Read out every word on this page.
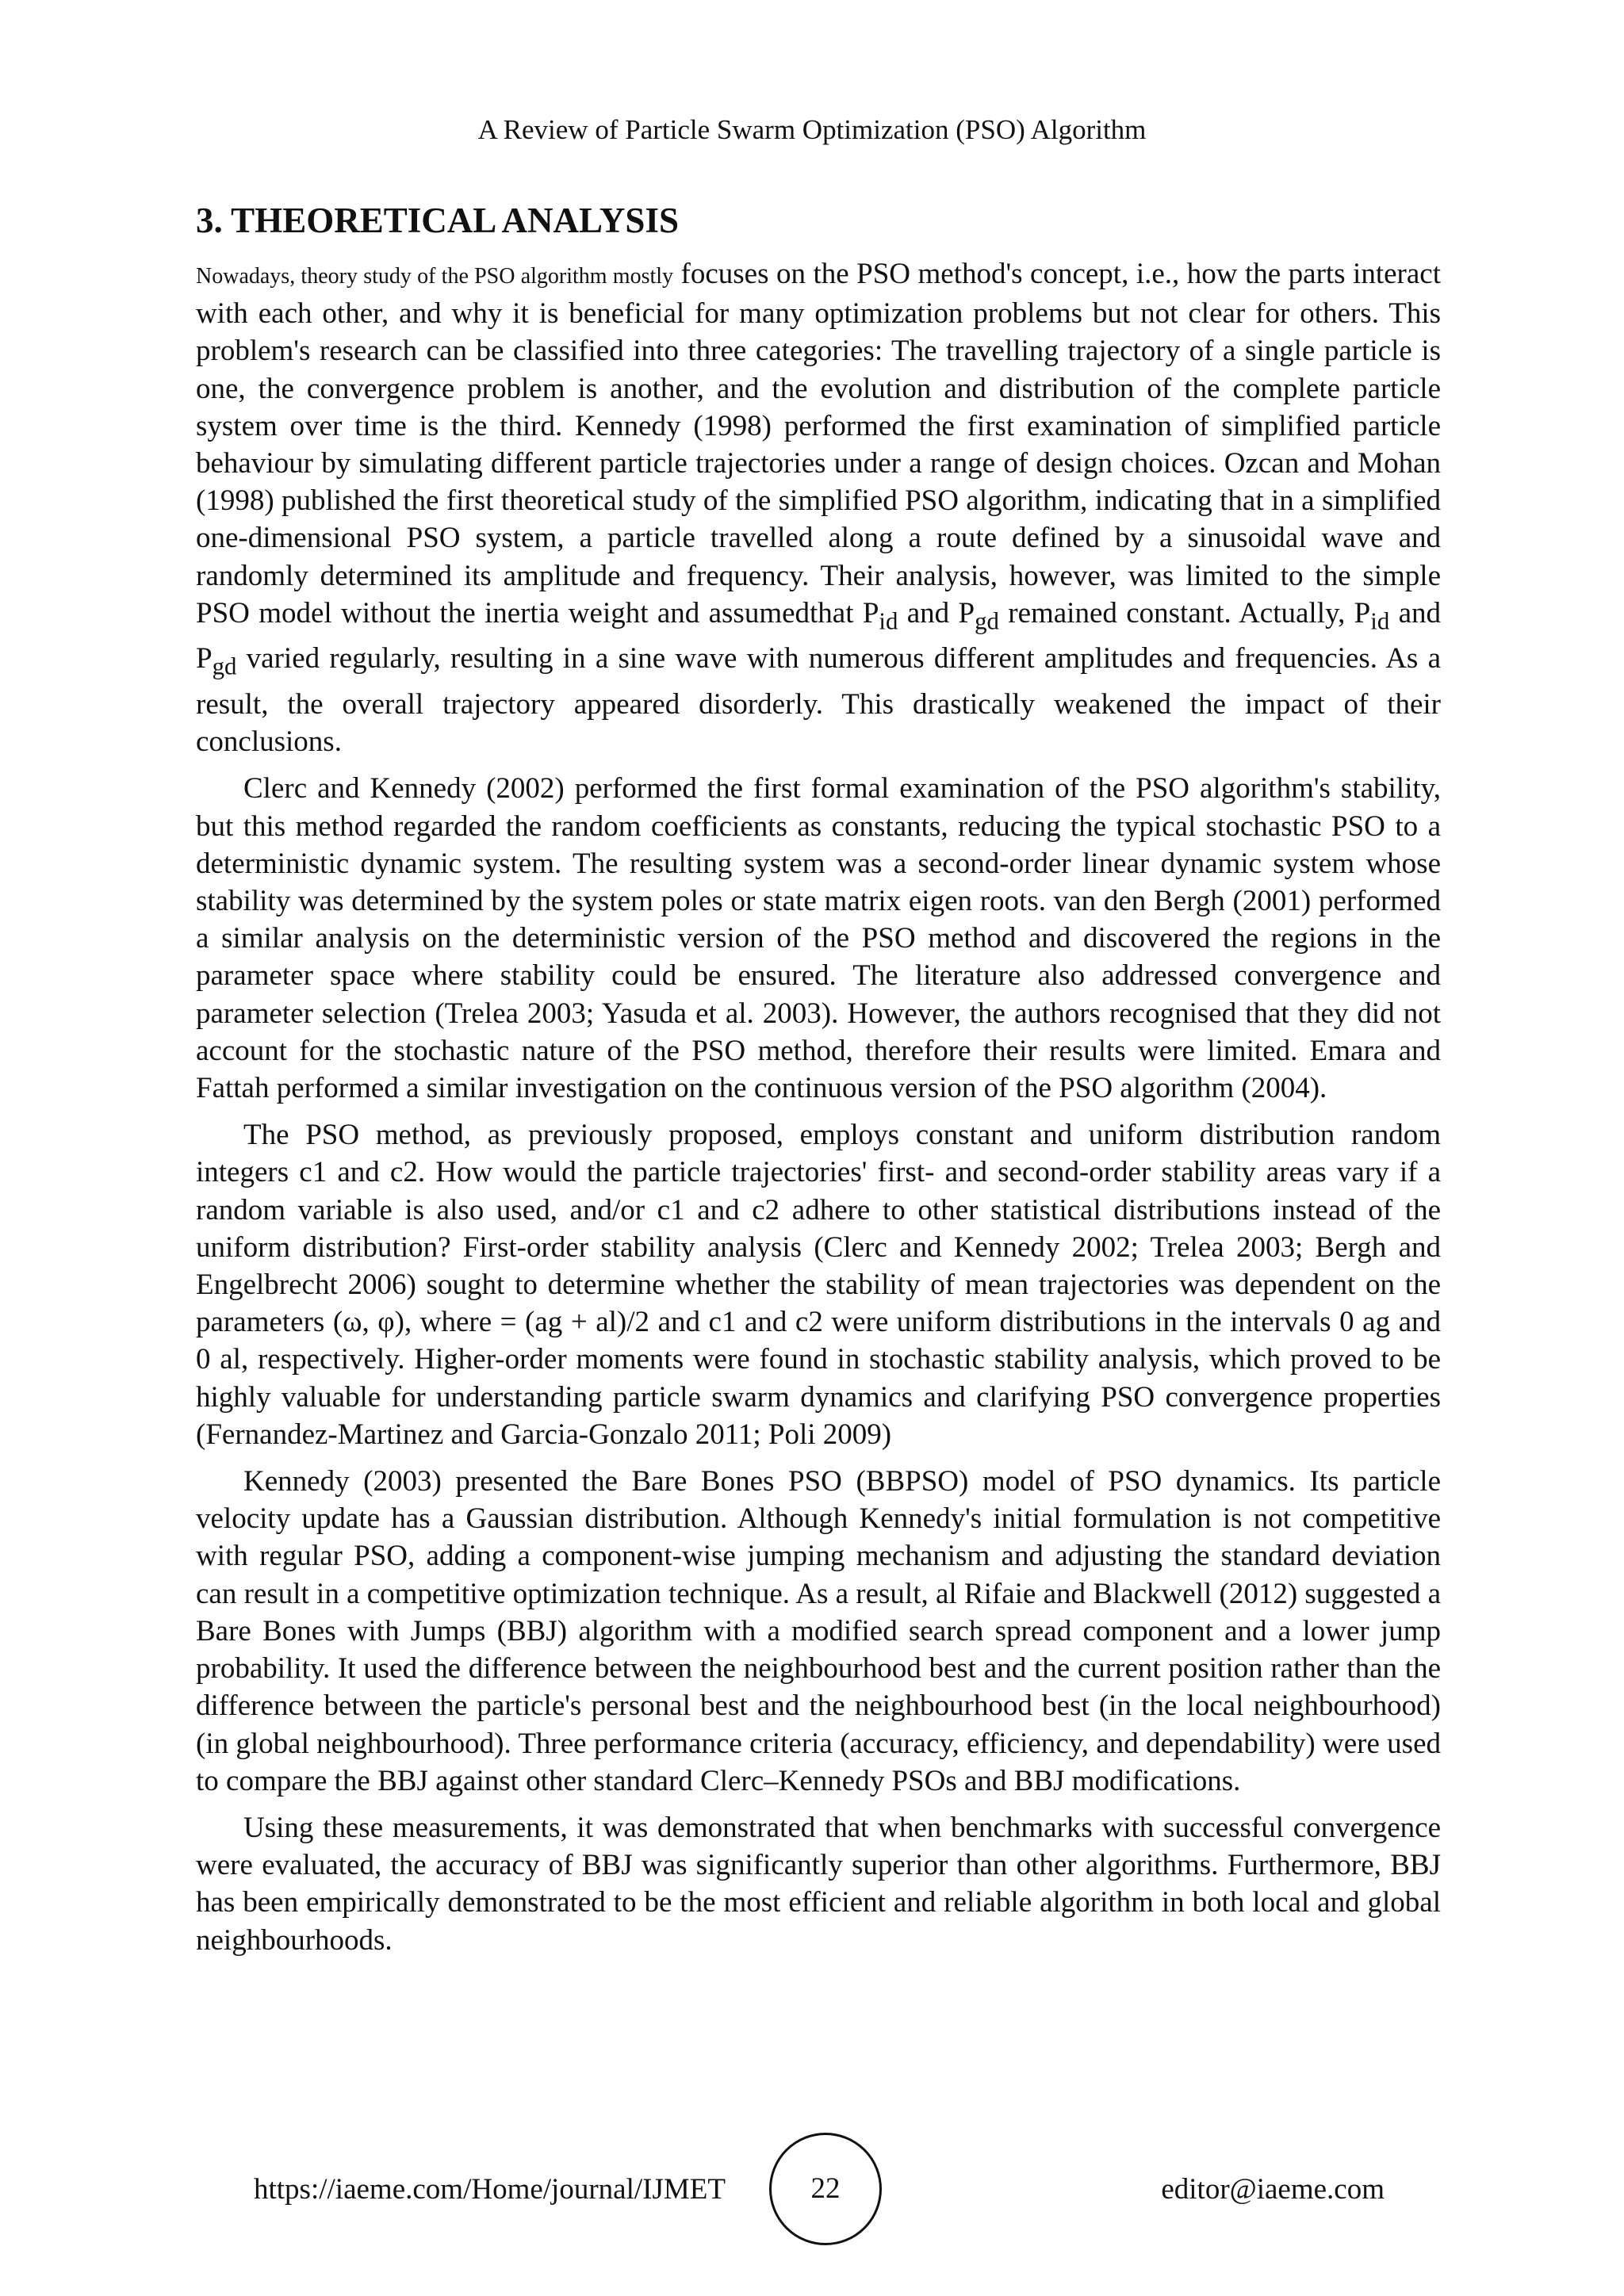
A Review of Particle Swarm Optimization (PSO) Algorithm

3. THEORETICAL ANALYSIS

Nowadays, theory study of the PSO algorithm mostly focuses on the PSO method's concept, i.e., how the parts interact with each other, and why it is beneficial for many optimization problems but not clear for others. This problem's research can be classified into three categories: The travelling trajectory of a single particle is one, the convergence problem is another, and the evolution and distribution of the complete particle system over time is the third. Kennedy (1998) performed the first examination of simplified particle behaviour by simulating different particle trajectories under a range of design choices. Ozcan and Mohan (1998) published the first theoretical study of the simplified PSO algorithm, indicating that in a simplified one-dimensional PSO system, a particle travelled along a route defined by a sinusoidal wave and randomly determined its amplitude and frequency. Their analysis, however, was limited to the simple PSO model without the inertia weight and assumedthat $P_{id}$ and $P_{gd}$ remained constant. Actually, $P_{id}$ and $P_{gd}$ varied regularly, resulting in a sine wave with numerous different amplitudes and frequencies. As a result, the overall trajectory appeared disorderly. This drastically weakened the impact of their conclusions.

Clerc and Kennedy (2002) performed the first formal examination of the PSO algorithm's stability, but this method regarded the random coefficients as constants, reducing the typical stochastic PSO to a deterministic dynamic system. The resulting system was a second-order linear dynamic system whose stability was determined by the system poles or state matrix eigen roots. van den Bergh (2001) performed a similar analysis on the deterministic version of the PSO method and discovered the regions in the parameter space where stability could be ensured. The literature also addressed convergence and parameter selection (Trelea 2003; Yasuda et al. 2003). However, the authors recognised that they did not account for the stochastic nature of the PSO method, therefore their results were limited. Emara and Fattah performed a similar investigation on the continuous version of the PSO algorithm (2004).

The PSO method, as previously proposed, employs constant and uniform distribution random integers c1 and c2. How would the particle trajectories' first- and second-order stability areas vary if a random variable is also used, and/or c1 and c2 adhere to other statistical distributions instead of the uniform distribution? First-order stability analysis (Clerc and Kennedy 2002; Trelea 2003; Bergh and Engelbrecht 2006) sought to determine whether the stability of mean trajectories was dependent on the parameters (ω, φ), where = (ag + al)/2 and c1 and c2 were uniform distributions in the intervals 0 ag and 0 al, respectively. Higher-order moments were found in stochastic stability analysis, which proved to be highly valuable for understanding particle swarm dynamics and clarifying PSO convergence properties (Fernandez-Martinez and Garcia-Gonzalo 2011; Poli 2009)

Kennedy (2003) presented the Bare Bones PSO (BBPSO) model of PSO dynamics. Its particle velocity update has a Gaussian distribution. Although Kennedy's initial formulation is not competitive with regular PSO, adding a component-wise jumping mechanism and adjusting the standard deviation can result in a competitive optimization technique. As a result, al Rifaie and Blackwell (2012) suggested a Bare Bones with Jumps (BBJ) algorithm with a modified search spread component and a lower jump probability. It used the difference between the neighbourhood best and the current position rather than the difference between the particle's personal best and the neighbourhood best (in the local neighbourhood) (in global neighbourhood). Three performance criteria (accuracy, efficiency, and dependability) were used to compare the BBJ against other standard Clerc–Kennedy PSOs and BBJ modifications.

Using these measurements, it was demonstrated that when benchmarks with successful convergence were evaluated, the accuracy of BBJ was significantly superior than other algorithms. Furthermore, BBJ has been empirically demonstrated to be the most efficient and reliable algorithm in both local and global neighbourhoods.

https://iaeme.com/Home/journal/IJMET	22	editor@iaeme.com
